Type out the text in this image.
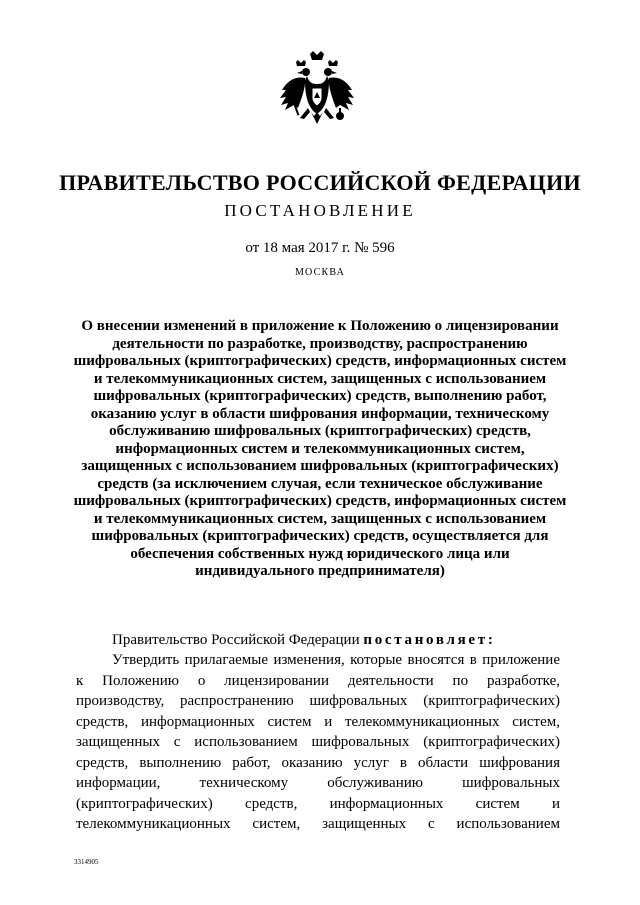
ПРАВИТЕЛЬСТВО РОССИЙСКОЙ ФЕДЕРАЦИИ
ПОСТАНОВЛЕНИЕ
от 18 мая 2017 г. № 596
МОСКВА
О внесении изменений в приложение к Положению о лицензировании деятельности по разработке, производству, распространению шифровальных (криптографических) средств, информационных систем и телекоммуникационных систем, защищенных с использованием шифровальных (криптографических) средств, выполнению работ, оказанию услуг в области шифрования информации, техническому обслуживанию шифровальных (криптографических) средств, информационных систем и телекоммуникационных систем, защищенных с использованием шифровальных (криптографических) средств (за исключением случая, если техническое обслуживание шифровальных (криптографических) средств, информационных систем и телекоммуникационных систем, защищенных с использованием шифровальных (криптографических) средств, осуществляется для обеспечения собственных нужд юридического лица или индивидуального предпринимателя)
Правительство Российской Федерации постановляет:
Утвердить прилагаемые изменения, которые вносятся в приложение
к Положению о лицензировании деятельности по разработке,
производству, распространению шифровальных (криптографических)
средств, информационных систем и телекоммуникационных систем,
защищенных с использованием шифровальных (криптографических)
средств, выполнению работ, оказанию услуг в области шифрования
информации, техническому обслуживанию шифровальных
(криптографических) средств, информационных систем и
телекоммуникационных систем, защищенных с использованием
3314905
